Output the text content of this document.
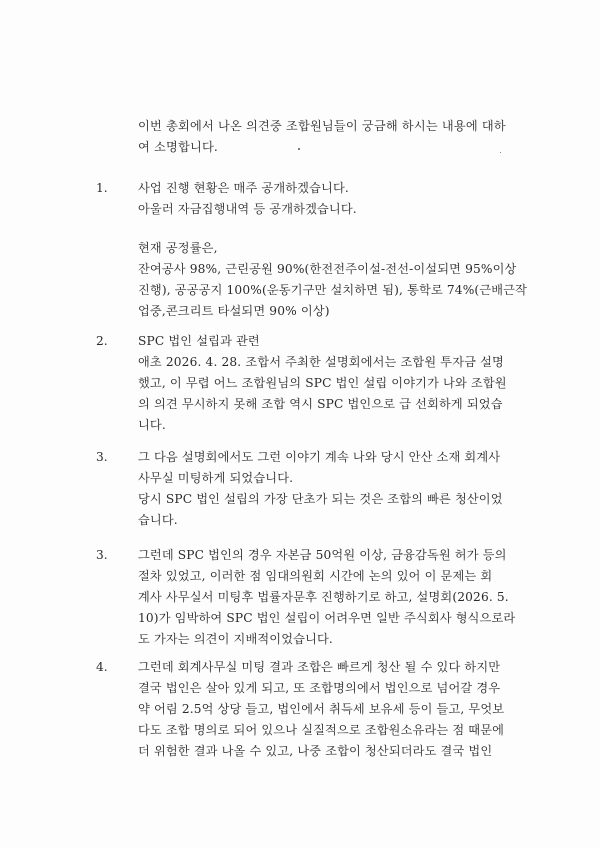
이번 총회에서 나온 의견중 조합원님들이 궁금해 하시는 내용에 대하
여 소명합니다.
1. 사업 진행 현황은 매주 공개하겠습니다.
아울러 자금집행내역 등 공개하겠습니다.

현재 공정률은,
잔여공사 98%, 근린공원 90%(한전전주이설-전선-이설되면 95%이상
진행), 공공공지 100%(운동기구만 설치하면 됨), 통학로 74%(근배근작
업중,콘크리트 타설되면 90% 이상)

2. SPC 법인 설립과 관련
애초 2026. 4. 28. 조합서 주최한 설명회에서는 조합원 투자금 설명
했고, 이 무렵 어느 조합원님의 SPC 법인 설립 이야기가 나와 조합원
의 의견 무시하지 못해 조합 역시 SPC 법인으로 급 선회하게 되었습
니다.

3. 그 다음 설명회에서도 그런 이야기 계속 나와 당시 안산 소재 회계사
사무실 미팅하게 되었습니다.
당시 SPC 법인 설립의 가장 단초가 되는 것은 조합의 빠른 청산이었
습니다.

3. 그런데 SPC 법인의 경우 자본금 50억원 이상, 금융감독원 허가 등의
절차 있었고, 이러한 점 임대의원회 시간에 논의 있어 이 문제는 회
계사 사무실서 미팅후 법률자문후 진행하기로 하고, 설명회(2026. 5.
10)가 임박하여 SPC 법인 설립이 어려우면 일반 주식회사 형식으로라
도 가자는 의견이 지배적이었습니다.

4. 그런데 회계사무실 미팅 결과 조합은 빠르게 청산 될 수 있다 하지만
결국 법인은 살아 있게 되고, 또 조합명의에서 법인으로 넘어갈 경우
약 어림 2.5억 상당 들고, 법인에서 취득세 보유세 등이 들고, 무엇보
다도 조합 명의로 되어 있으나 실질적으로 조합원소유라는 점 때문에
더 위험한 결과 나올 수 있고, 나중 조합이 청산되더라도 결국 법인
